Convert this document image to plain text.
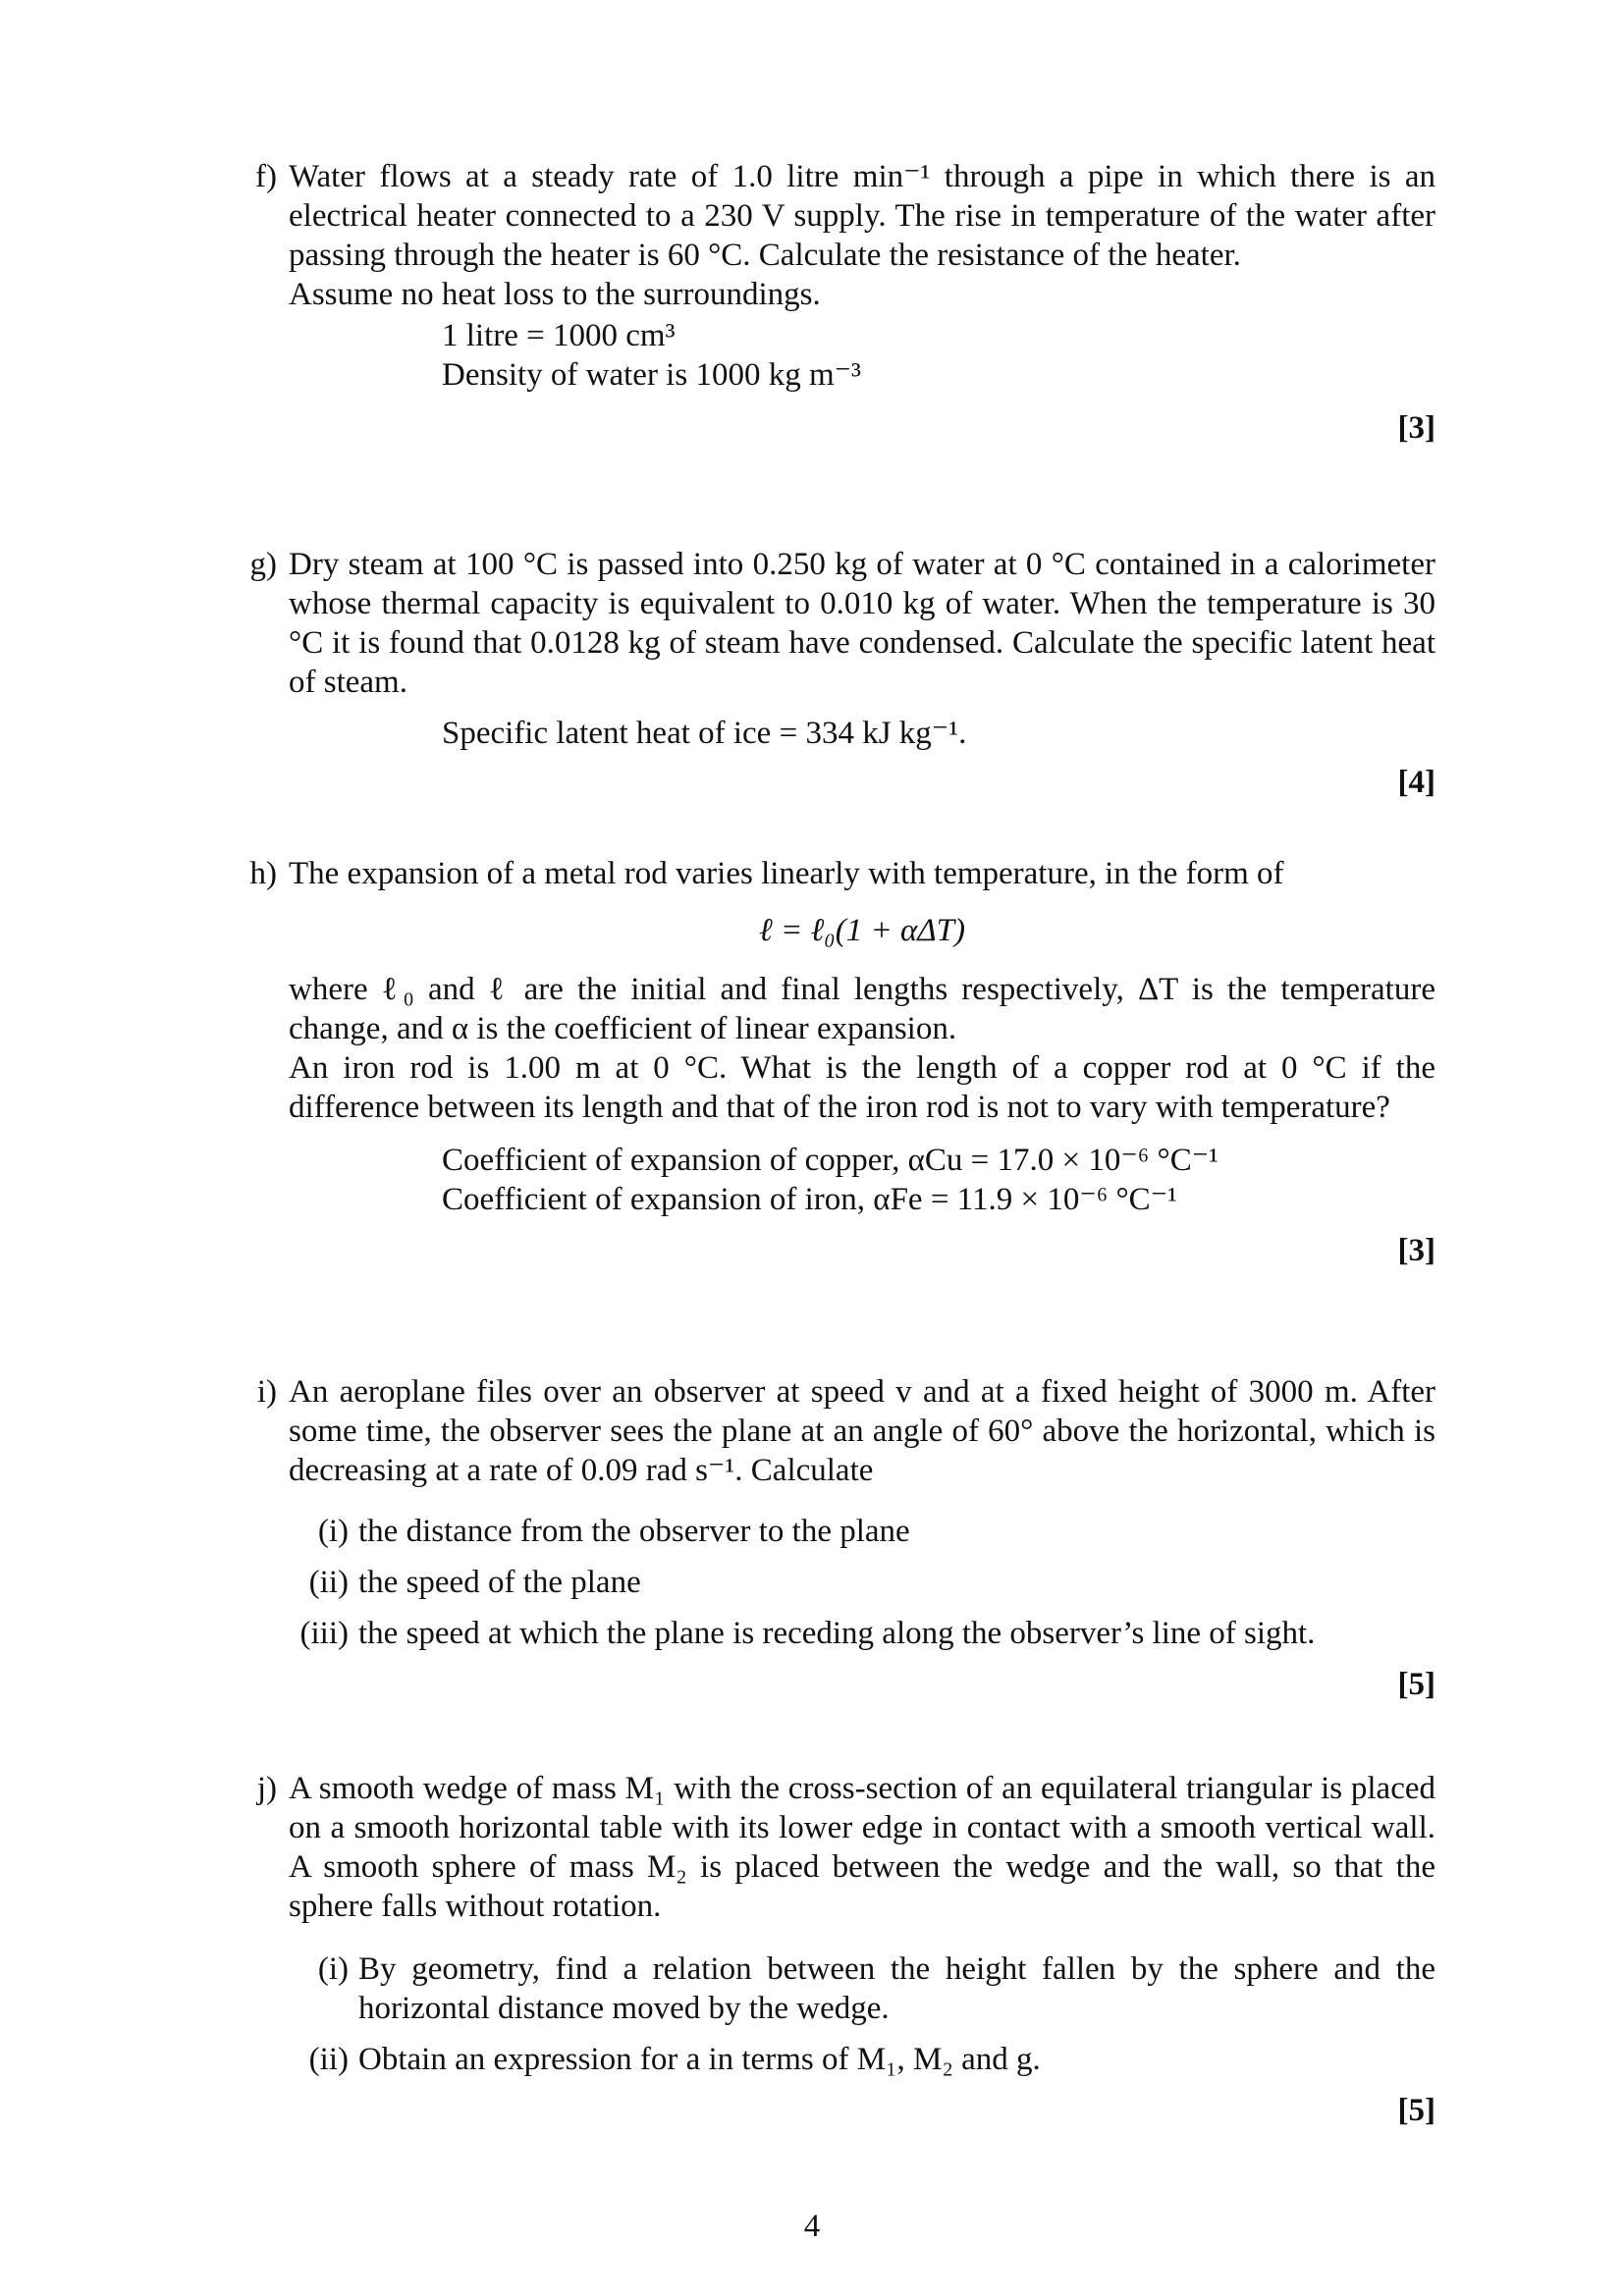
f) Water flows at a steady rate of 1.0 litre min⁻¹ through a pipe in which there is an electrical heater connected to a 230 V supply. The rise in temperature of the water after passing through the heater is 60 °C. Calculate the resistance of the heater.
Assume no heat loss to the surroundings.

1 litre = 1000 cm³

Density of water is 1000 kg m⁻³

[3]
g) Dry steam at 100 °C is passed into 0.250 kg of water at 0 °C contained in a calorimeter whose thermal capacity is equivalent to 0.010 kg of water. When the temperature is 30 °C it is found that 0.0128 kg of steam have condensed. Calculate the specific latent heat of steam.

Specific latent heat of ice = 334 kJ kg⁻¹.

[4]
h) The expansion of a metal rod varies linearly with temperature, in the form of

ℓ = ℓ₀(1 + αΔT)

where ℓ₀ and ℓ are the initial and final lengths respectively, ΔT is the temperature change, and α is the coefficient of linear expansion.
An iron rod is 1.00 m at 0 °C. What is the length of a copper rod at 0 °C if the difference between its length and that of the iron rod is not to vary with temperature?

Coefficient of expansion of copper, αCu = 17.0 × 10⁻⁶ °C⁻¹

Coefficient of expansion of iron, αFe = 11.9 × 10⁻⁶ °C⁻¹

[3]
i) An aeroplane files over an observer at speed v and at a fixed height of 3000 m. After some time, the observer sees the plane at an angle of 60° above the horizontal, which is decreasing at a rate of 0.09 rad s⁻¹. Calculate

(i) the distance from the observer to the plane
(ii) the speed of the plane
(iii) the speed at which the plane is receding along the observer’s line of sight.
[5]
j) A smooth wedge of mass M₁ with the cross-section of an equilateral triangular is placed on a smooth horizontal table with its lower edge in contact with a smooth vertical wall. A smooth sphere of mass M₂ is placed between the wedge and the wall, so that the sphere falls without rotation.

(i) By geometry, find a relation between the height fallen by the sphere and the horizontal distance moved by the wedge.
(ii) Obtain an expression for a in terms of M₁, M₂ and g.
[5]
4
